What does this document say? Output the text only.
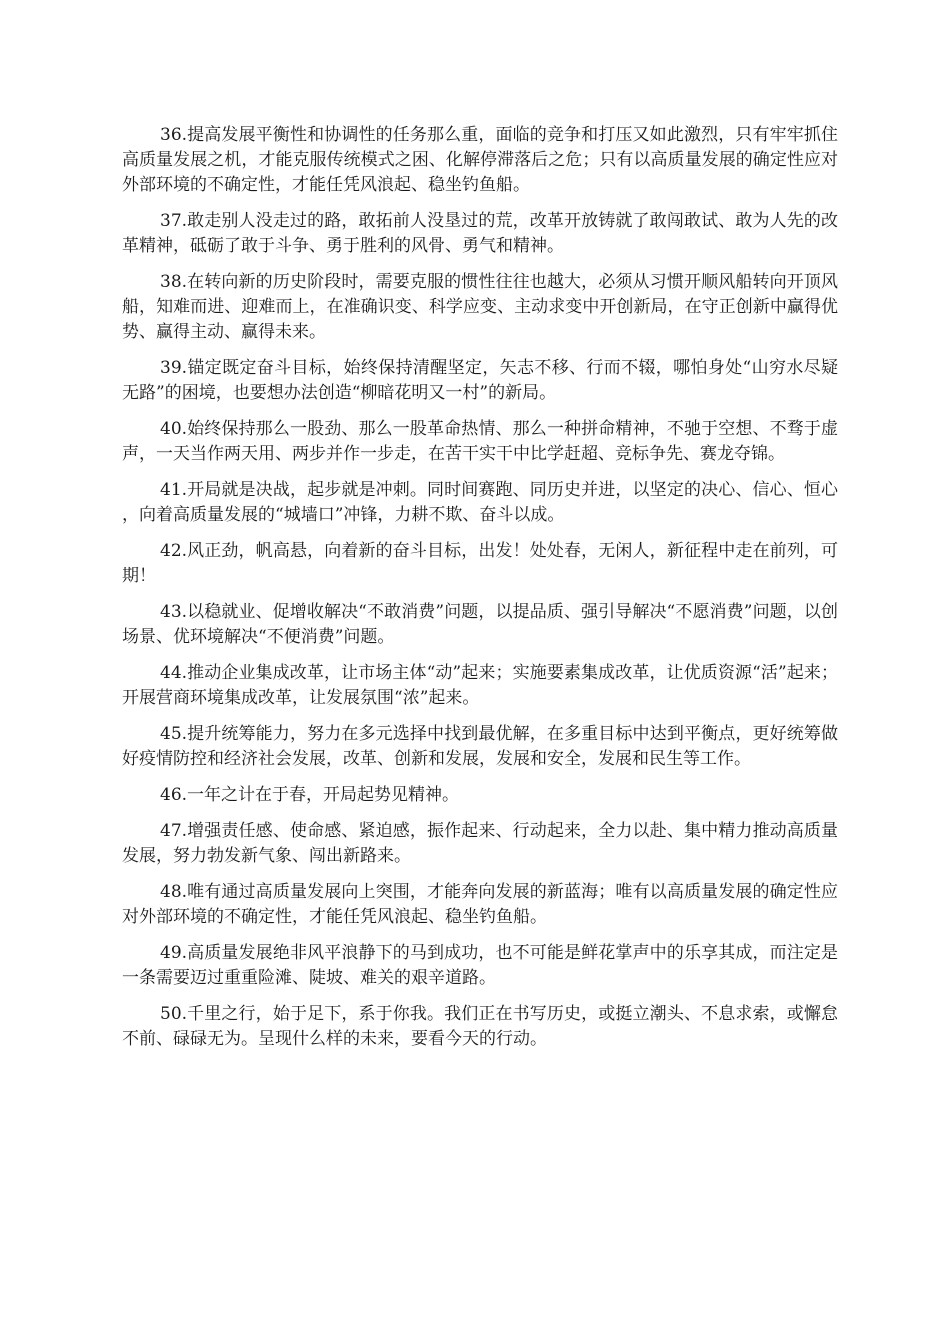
36.提高发展平衡性和协调性的任务那么重，面临的竞争和打压又如此激烈，只有牢牢抓住高质量发展之机，才能克服传统模式之困、化解停滞落后之危；只有以高质量发展的确定性应对外部环境的不确定性，才能任凭风浪起、稳坐钓鱼船。

37.敢走别人没走过的路，敢拓前人没垦过的荒，改革开放铸就了敢闯敢试、敢为人先的改革精神，砥砺了敢于斗争、勇于胜利的风骨、勇气和精神。

38.在转向新的历史阶段时，需要克服的惯性往往也越大，必须从习惯开顺风船转向开顶风船，知难而进、迎难而上，在准确识变、科学应变、主动求变中开创新局，在守正创新中赢得优势、赢得主动、赢得未来。

39.锚定既定奋斗目标，始终保持清醒坚定，矢志不移、行而不辍，哪怕身处“山穷水尽疑无路”的困境，也要想办法创造“柳暗花明又一村”的新局。

40.始终保持那么一股劲、那么一股革命热情、那么一种拼命精神，不驰于空想、不骛于虚声，一天当作两天用、两步并作一步走，在苦干实干中比学赶超、竞标争先、赛龙夺锦。

41.开局就是决战，起步就是冲刺。同时间赛跑、同历史并进，以坚定的决心、信心、恒心，向着高质量发展的“城墙口”冲锋，力耕不欺、奋斗以成。

42.风正劲，帆高悬，向着新的奋斗目标，出发！处处春，无闲人，新征程中走在前列，可期！

43.以稳就业、促增收解决“不敢消费”问题，以提品质、强引导解决“不愿消费”问题，以创场景、优环境解决“不便消费”问题。

44.推动企业集成改革，让市场主体“动”起来；实施要素集成改革，让优质资源“活”起来；开展营商环境集成改革，让发展氛围“浓”起来。

45.提升统筹能力，努力在多元选择中找到最优解，在多重目标中达到平衡点，更好统筹做好疫情防控和经济社会发展，改革、创新和发展，发展和安全，发展和民生等工作。

46.一年之计在于春，开局起势见精神。

47.增强责任感、使命感、紧迫感，振作起来、行动起来，全力以赴、集中精力推动高质量发展，努力勃发新气象、闯出新路来。

48.唯有通过高质量发展向上突围，才能奔向发展的新蓝海；唯有以高质量发展的确定性应对外部环境的不确定性，才能任凭风浪起、稳坐钓鱼船。

49.高质量发展绝非风平浪静下的马到成功，也不可能是鲜花掌声中的乐享其成，而注定是一条需要迈过重重险滩、陡坡、难关的艰辛道路。

50.千里之行，始于足下，系于你我。我们正在书写历史，或挺立潮头、不息求索，或懈怠不前、碌碌无为。呈现什么样的未来，要看今天的行动。
